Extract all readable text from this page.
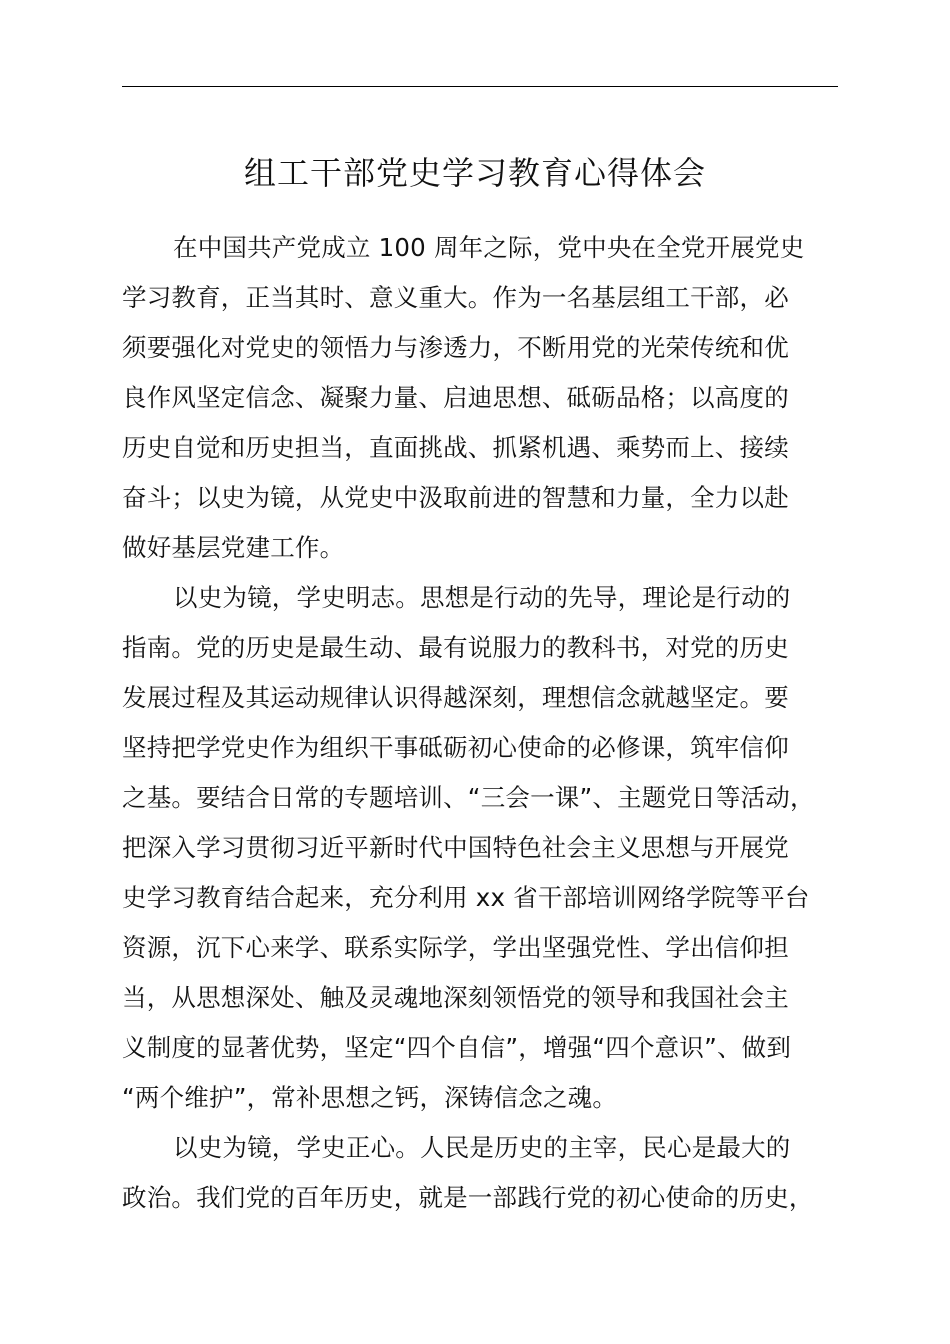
组工干部党史学习教育心得体会
在中国共产党成立 100 周年之际，党中央在全党开展党史
学习教育，正当其时、意义重大。作为一名基层组工干部，必
须要强化对党史的领悟力与渗透力，不断用党的光荣传统和优
良作风坚定信念、凝聚力量、启迪思想、砥砺品格；以高度的
历史自觉和历史担当，直面挑战、抓紧机遇、乘势而上、接续
奋斗；以史为镜，从党史中汲取前进的智慧和力量，全力以赴
做好基层党建工作。
以史为镜，学史明志。思想是行动的先导，理论是行动的
指南。党的历史是最生动、最有说服力的教科书，对党的历史
发展过程及其运动规律认识得越深刻，理想信念就越坚定。要
坚持把学党史作为组织干事砥砺初心使命的必修课，筑牢信仰
之基。要结合日常的专题培训、“三会一课”、主题党日等活动，
把深入学习贯彻习近平新时代中国特色社会主义思想与开展党
史学习教育结合起来，充分利用 xx 省干部培训网络学院等平台
资源，沉下心来学、联系实际学，学出坚强党性、学出信仰担
当，从思想深处、触及灵魂地深刻领悟党的领导和我国社会主
义制度的显著优势，坚定“四个自信”，增强“四个意识”、做到
“两个维护”，常补思想之钙，深铸信念之魂。
以史为镜，学史正心。人民是历史的主宰，民心是最大的
政治。我们党的百年历史，就是一部践行党的初心使命的历史，
